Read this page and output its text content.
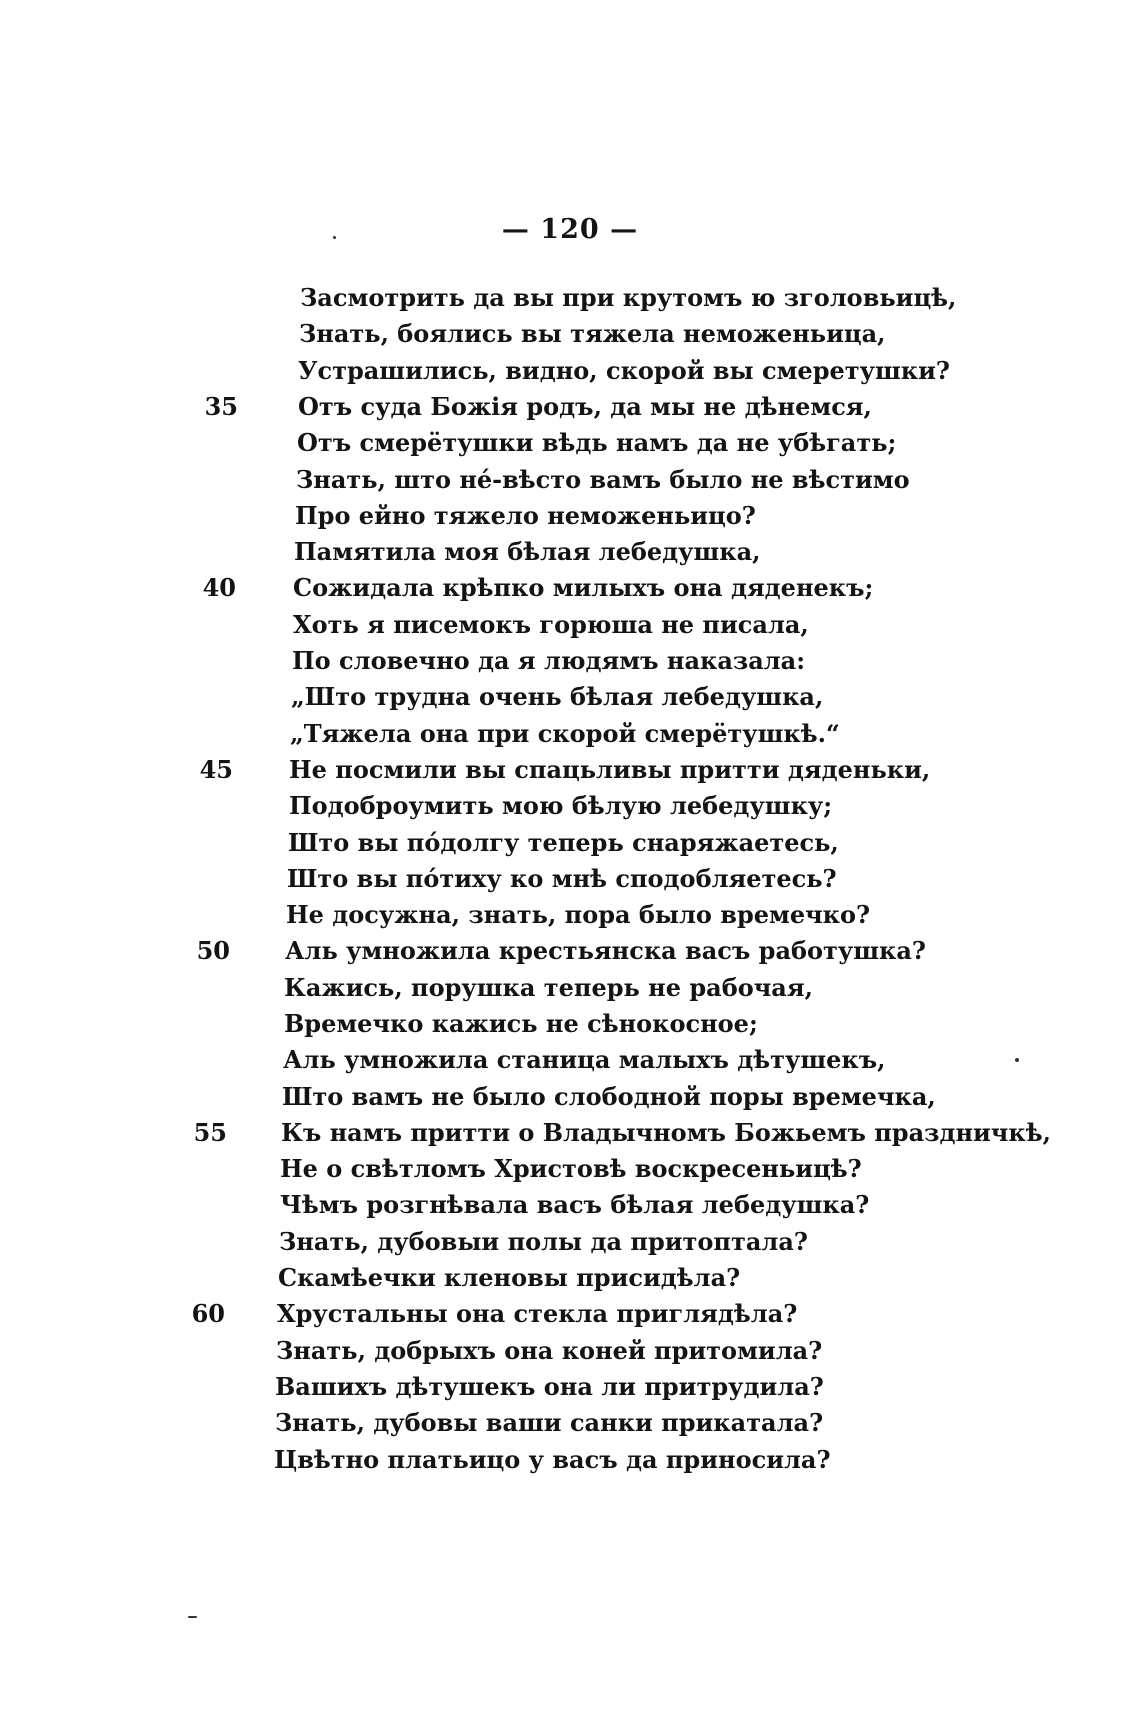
— 120 —
Засмотрить да вы при крутомъ ю зголовьицѣ,
Знать, боялись вы тяжела неможеньица,
Устрашились, видно, скорой вы смеретушки?
35	Отъ суда Божія родъ, да мы не дѣнемся,
Отъ смерётушки вѣдь намъ да не убѣгать;
Знать, што нé-вѣсто вамъ было не вѣстимо
Про ейно тяжело неможеньицо?
Памятила моя бѣлая лебедушка,
40 Сожидала крѣпко милыхъ она дяденекъ;
Хоть я писемокъ горюша не писала,
По словечно да я людямъ наказала:
„Што трудна очень бѣлая лебедушка,
„Тяжела она при скорой смерётушкѣ.“
45 Не посмили вы спацьливы притти дяденьки,
Подоброумить мою бѣлую лебедушку;
Што вы пóдолгу теперь снаряжаетесь,
Што вы пóтиху ко мнѣ сподобляетесь?
Не досужна, знать, пора было времечко?
50 Аль умножила крестьянска васъ работушка?
Кажись, порушка теперь не рабочая,
Времечко кажись не сѣнокосное;
Аль умножила станица малыхъ дѣтушекъ,
Што вамъ не было слободной поры времечка,
55 Къ намъ притти о Владычномъ Божьемъ праздничкѣ,
Не о свѣтломъ Христовѣ воскресеньицѣ?
Чѣмъ розгнѣвала васъ бѣлая лебедушка?
Знать, дубовыи полы да притоптала?
Скамѣечки кленовы присидѣла?
60 Хрустальны она стекла приглядѣла?
Знать, добрыхъ она коней притомила?
Вашихъ дѣтушекъ она ли притрудила?
Знать, дубовы ваши санки прикатала?
Цвѣтно платьицо у васъ да приносила?
